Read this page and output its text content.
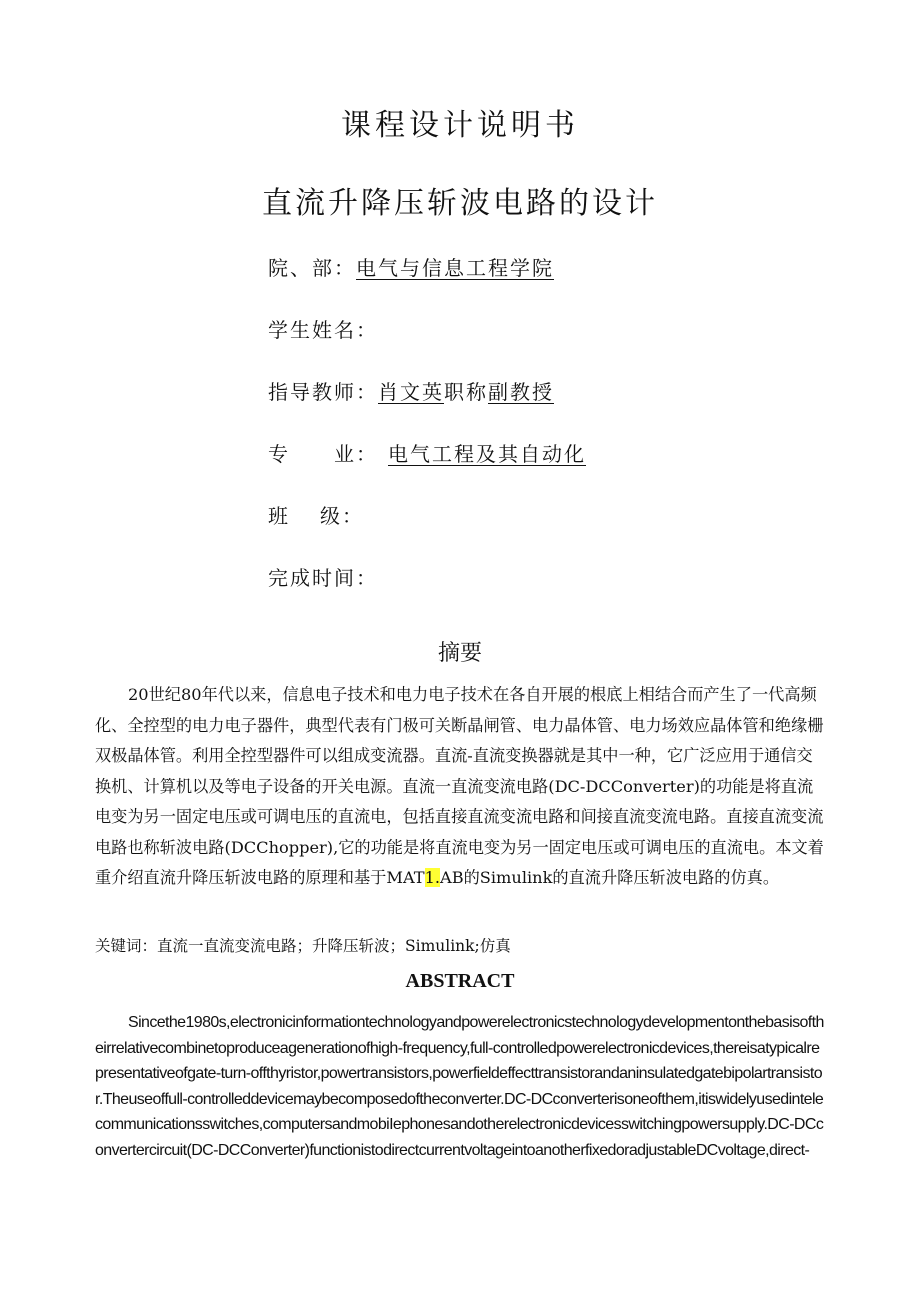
课程设计说明书
直流升降压斩波电路的设计
院、部：电气与信息工程学院
学生姓名：
指导教师：肖文英职称副教授
专 业： 电气工程及其自动化
班 级：
完成时间：
摘要

20世纪80年代以来，信息电子技术和电力电子技术在各自开展的根底上相结合而产生了一代高频化、全控型的电力电子器件，典型代表有门极可关断晶闸管、电力晶体管、电力场效应晶体管和绝缘栅双极晶体管。利用全控型器件可以组成变流器。直流-直流变换器就是其中一种，它广泛应用于通信交换机、计算机以及等电子设备的开关电源。直流一直流变流电路(DC-DCConverter)的功能是将直流电变为另一固定电压或可调电压的直流电，包括直接直流变流电路和间接直流变流电路。直接直流变流电路也称斩波电路(DCChopper),它的功能是将直流电变为另一固定电压或可调电压的直流电。本文着重介绍直流升降压斩波电路的原理和基于MAT1.AB的Simulink的直流升降压斩波电路的仿真。

关键词：直流一直流变流电路；升降压斩波；Simulink;仿真
ABSTRACT

Sincethe1980s,electronicinformationtechnologyandpowerelectronicstechnologydevelopmentonthebasisoftheirrelativecombinetoproduceagenerationofhigh-frequency,full-controlledpowerelectronicdevices,thereisatypicalrepresentativeofgate-turn-offthyristor,powertransistors,powerfieldeffecttransistorandaninsulatedgatebipolartransistor.Theuseoffull-controlleddevicemaybecomposedoftheconverter.DC-DCconverterisoneofthem,itiswidelyusedintelecommunicationsswitches,computersandmobiIephonesandotherelectronicdevicesswitchingpowersupply.DC-DCconvertercircuit(DC-DCConverter)functionistodirectcurrentvoltageintoanotherfixedoradjustableDCvoltage,direct-
